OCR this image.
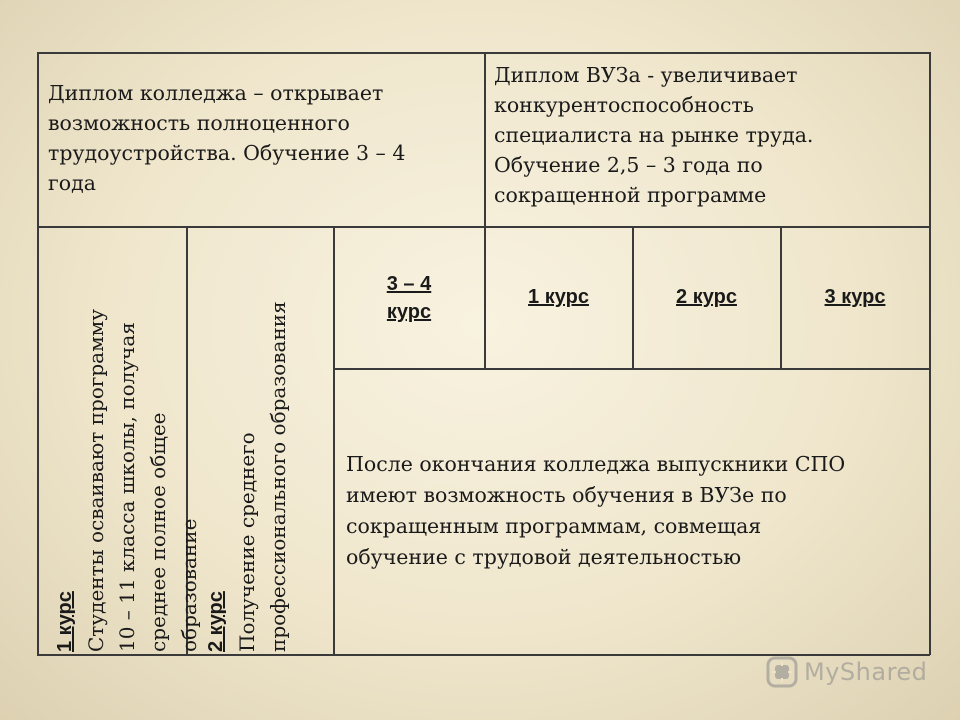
Диплом колледжа – открывает
возможность полноценного
трудоустройства. Обучение 3 – 4
года
Диплом ВУЗа - увеличивает
конкурентоспособность
специалиста на рынке труда.
Обучение 2,5 – 3 года по
сокращенной программе
1 курс Студенты осваивают программу 10 – 11 класса школы, получая среднее полное общее образование 2 курс Получение среднего профессионального образования
3 – 4
курс
1 курс	2 курс	3 курс
После окончания колледжа выпускники СПО
имеют возможность обучения в ВУЗе по
сокращенным программам, совмещая
обучение с трудовой деятельностью
MyShared
